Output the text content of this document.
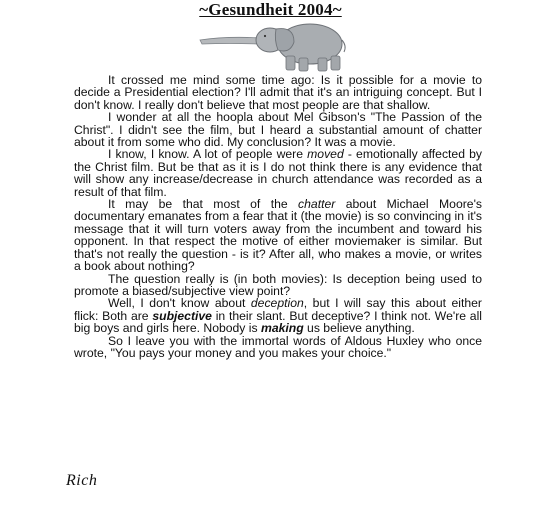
~Gesundheit 2004~

It crossed me mind some time ago: Is it possible for a movie to decide a Presidential election? I'll admit that it's an intriguing concept. But I don't know. I really don't believe that most people are that shallow.

I wonder at all the hoopla about Mel Gibson's "The Passion of the Christ". I didn't see the film, but I heard a substantial amount of chatter about it from some who did. My conclusion? It was a movie.

I know, I know. A lot of people were moved - emotionally affected by the Christ film. But be that as it is I do not think there is any evidence that will show any increase/decrease in church attendance was recorded as a result of that film.

It may be that most of the chatter about Michael Moore's documentary emanates from a fear that it (the movie) is so convincing in it's message that it will turn voters away from the incumbent and toward his opponent. In that respect the motive of either moviemaker is similar. But that's not really the question - is it? After all, who makes a movie, or writes a book about nothing?

The question really is (in both movies): Is deception being used to promote a biased/subjective view point?

Well, I don't know about deception, but I will say this about either flick: Both are subjective in their slant. But deceptive? I think not. We're all big boys and girls here. Nobody is making us believe anything.

So I leave you with the immortal words of Aldous Huxley who once wrote, "You pays your money and you makes your choice."

Rich
